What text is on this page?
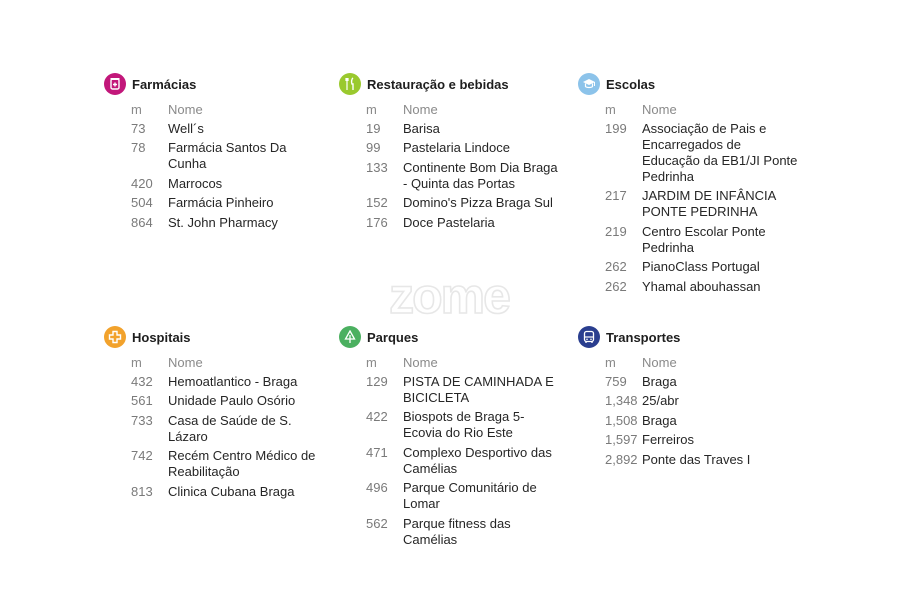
zome
Farmácias
m	Nome
73	Well´s
78	Farmácia Santos Da Cunha
420	Marrocos
504	Farmácia Pinheiro
864	St. John Pharmacy
Restauração e bebidas
m	Nome
19	Barisa
99	Pastelaria Lindoce
133	Continente Bom Dia Braga - Quinta das Portas
152	Domino's Pizza Braga Sul
176	Doce Pastelaria
Escolas
m	Nome
199	Associação de Pais e Encarregados de Educação da EB1/JI Ponte Pedrinha
217	JARDIM DE INFÂNCIA PONTE PEDRINHA
219	Centro Escolar Ponte Pedrinha
262	PianoClass Portugal
262	Yhamal abouhassan
Hospitais
m	Nome
432	Hemoatlantico - Braga
561	Unidade Paulo Osório
733	Casa de Saúde de S. Lázaro
742	Recém Centro Médico de Reabilitação
813	Clinica Cubana Braga
Parques
m	Nome
129	PISTA DE CAMINHADA E BICICLETA
422	Biospots de Braga 5- Ecovia do Rio Este
471	Complexo Desportivo das Camélias
496	Parque Comunitário de Lomar
562	Parque fitness das Camélias
Transportes
m	Nome
759	Braga
1,348 25/abr
1,508 Braga
1,597 Ferreiros
2,892 Ponte das Traves I
